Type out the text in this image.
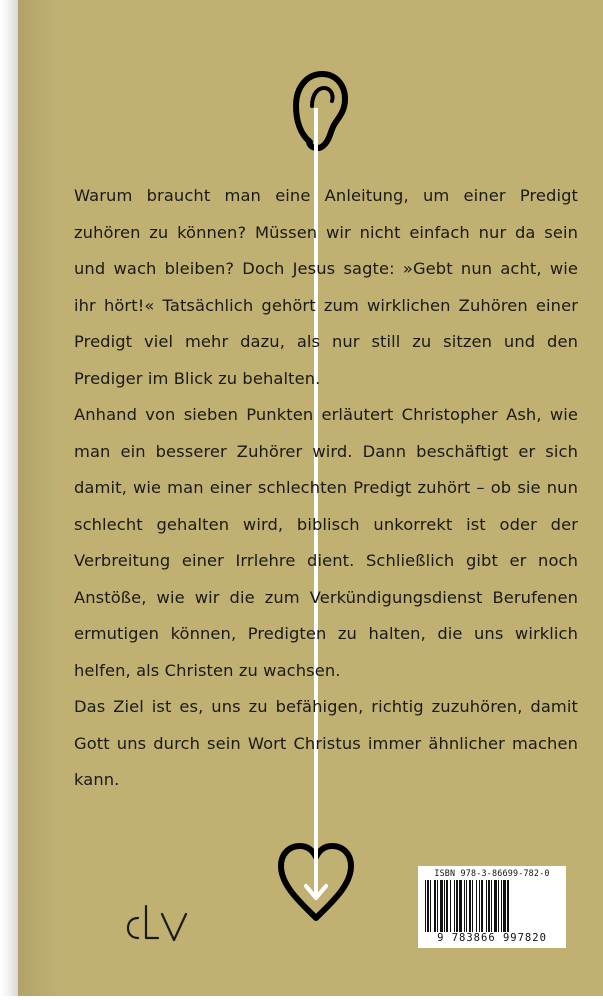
Warum braucht man eine Anleitung, um einer Predigt zuhören zu können? Müssen wir nicht einfach nur da sein und wach bleiben? Doch Jesus sagte: »Gebt nun acht, wie ihr hört!« Tatsächlich gehört zum wirklichen Zuhören einer Predigt viel mehr dazu, als nur still zu sitzen und den Prediger im Blick zu behalten.

Anhand von sieben Punkten erläutert Christopher Ash, wie man ein besserer Zuhörer wird. Dann beschäftigt er sich damit, wie man einer schlechten Predigt zuhört – ob sie nun schlecht gehalten wird, biblisch unkorrekt ist oder der Verbreitung einer Irrlehre dient. Schließlich gibt er noch Anstöße, wie wir die zum Verkündigungsdienst Berufenen ermutigen können, Predigten zu halten, die uns wirklich helfen, als Christen zu wachsen.

Das Ziel ist es, uns zu befähigen, richtig zuzuhören, damit Gott uns durch sein Wort Christus immer ähnlicher machen kann.

ISBN 978-3-86699-782-0
9 783866 997820
